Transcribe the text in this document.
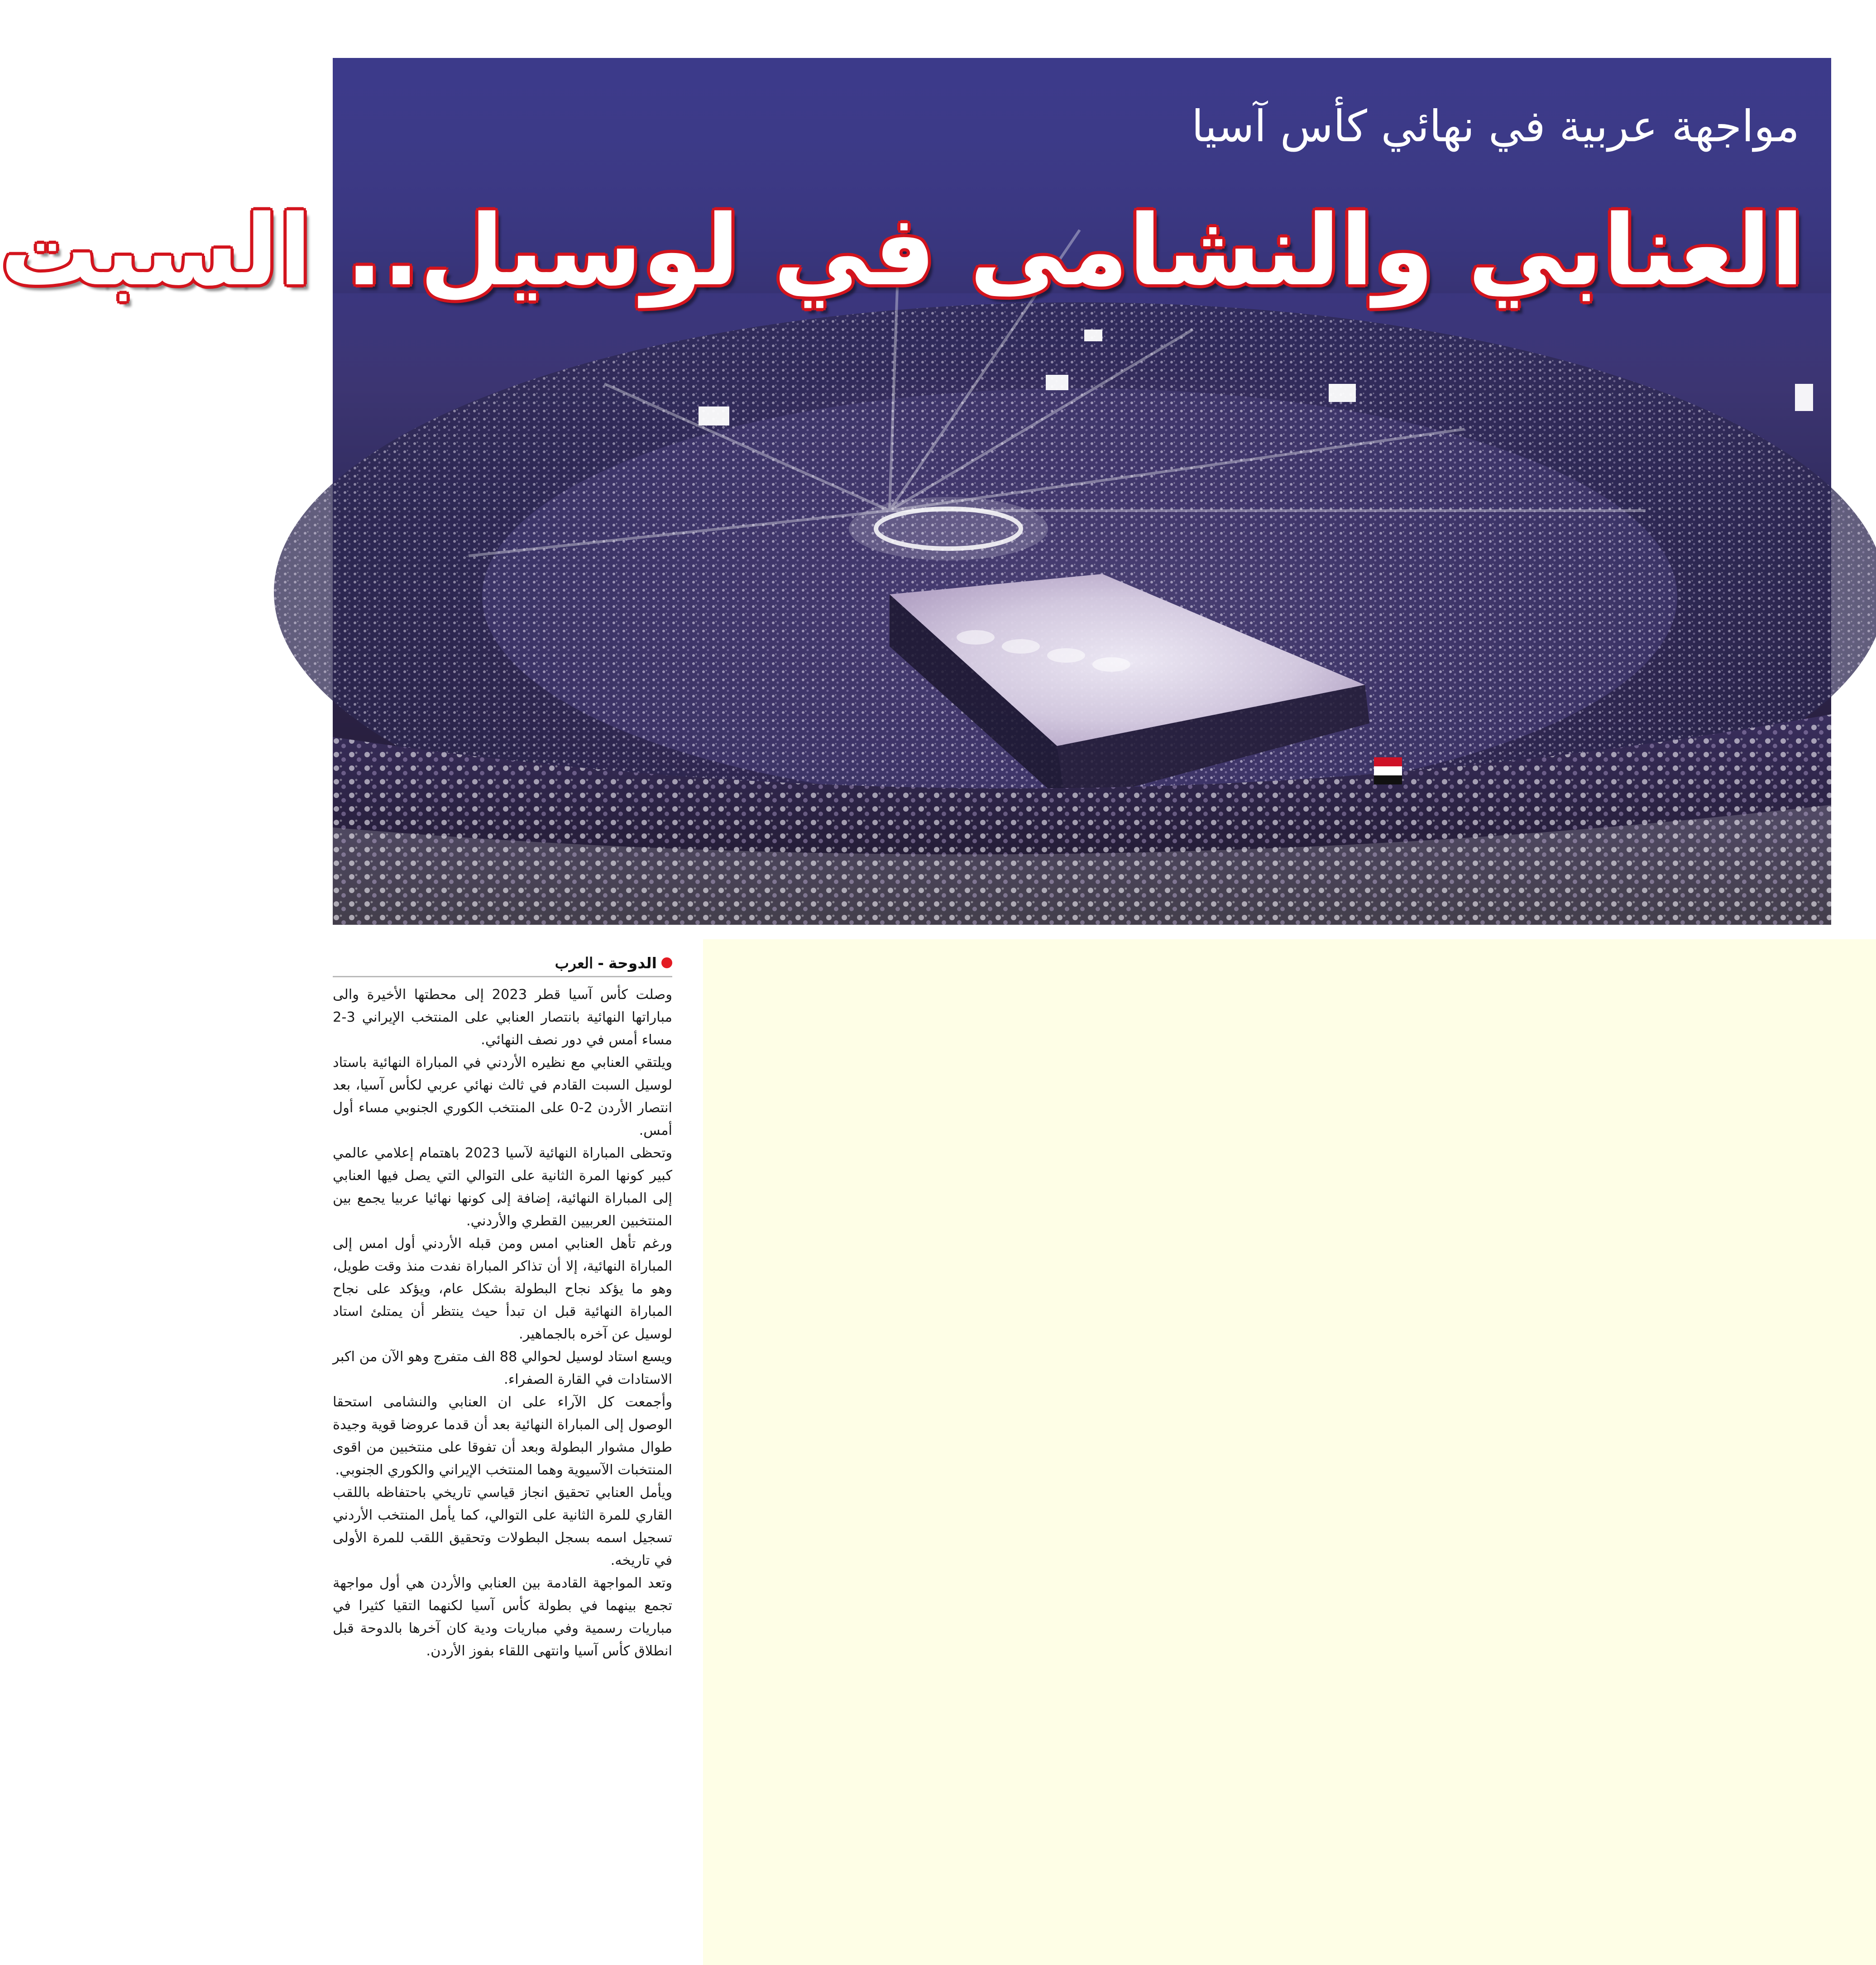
مواجهة عربية في نهائي كأس آسيا
العنابي والنشامى في لوسيل.. السبت
الدوحة
-
العرب

وصلت كأس آسيا قطر 2023 إلى محطتها الأخيرة والى مباراتها النهائية بانتصار العنابي على المنتخب الإيراني 3-2 مساء أمس في دور نصف النهائي.

ويلتقي العنابي مع نظيره الأردني في المباراة النهائية باستاد لوسيل السبت القادم في ثالث نهائي عربي لكأس آسيا، بعد انتصار الأردن 2-0 على المنتخب الكوري الجنوبي مساء أول أمس.

وتحظى المباراة النهائية لآسيا 2023 باهتمام إعلامي عالمي كبير كونها المرة الثانية على التوالي التي يصل فيها العنابي إلى المباراة النهائية، إضافة إلى كونها نهائيا عربيا يجمع بين المنتخبين العربيين القطري والأردني.

ورغم تأهل العنابي امس ومن قبله الأردني أول امس إلى المباراة النهائية، إلا أن تذاكر المباراة نفدت منذ وقت طويل، وهو ما يؤكد نجاح البطولة بشكل عام، ويؤكد على نجاح المباراة النهائية قبل ان تبدأ حيث ينتظر أن يمتلئ استاد لوسيل عن آخره بالجماهير.

ويسع استاد لوسيل لحوالي 88 الف متفرج وهو الآن من اكبر الاستادات في القارة الصفراء.

وأجمعت كل الآراء على ان العنابي والنشامى استحقا الوصول إلى المباراة النهائية بعد أن قدما عروضا قوية وجيدة طوال مشوار البطولة وبعد أن تفوقا على منتخبين من اقوى المنتخبات الآسيوية وهما المنتخب الإيراني والكوري الجنوبي.

ويأمل العنابي تحقيق انجاز قياسي تاريخي باحتفاظه باللقب القاري للمرة الثانية على التوالي، كما يأمل المنتخب الأردني تسجيل اسمه بسجل البطولات وتحقيق اللقب للمرة الأولى في تاريخه.

وتعد المواجهة القادمة بين العنابي والأردن هي أول مواجهة تجمع بينهما في بطولة كأس آسيا لكنهما التقيا كثيرا في مباريات رسمية وفي مباريات ودية كان آخرها بالدوحة قبل انطلاق كأس آسيا وانتهى اللقاء بفوز الأردن.
